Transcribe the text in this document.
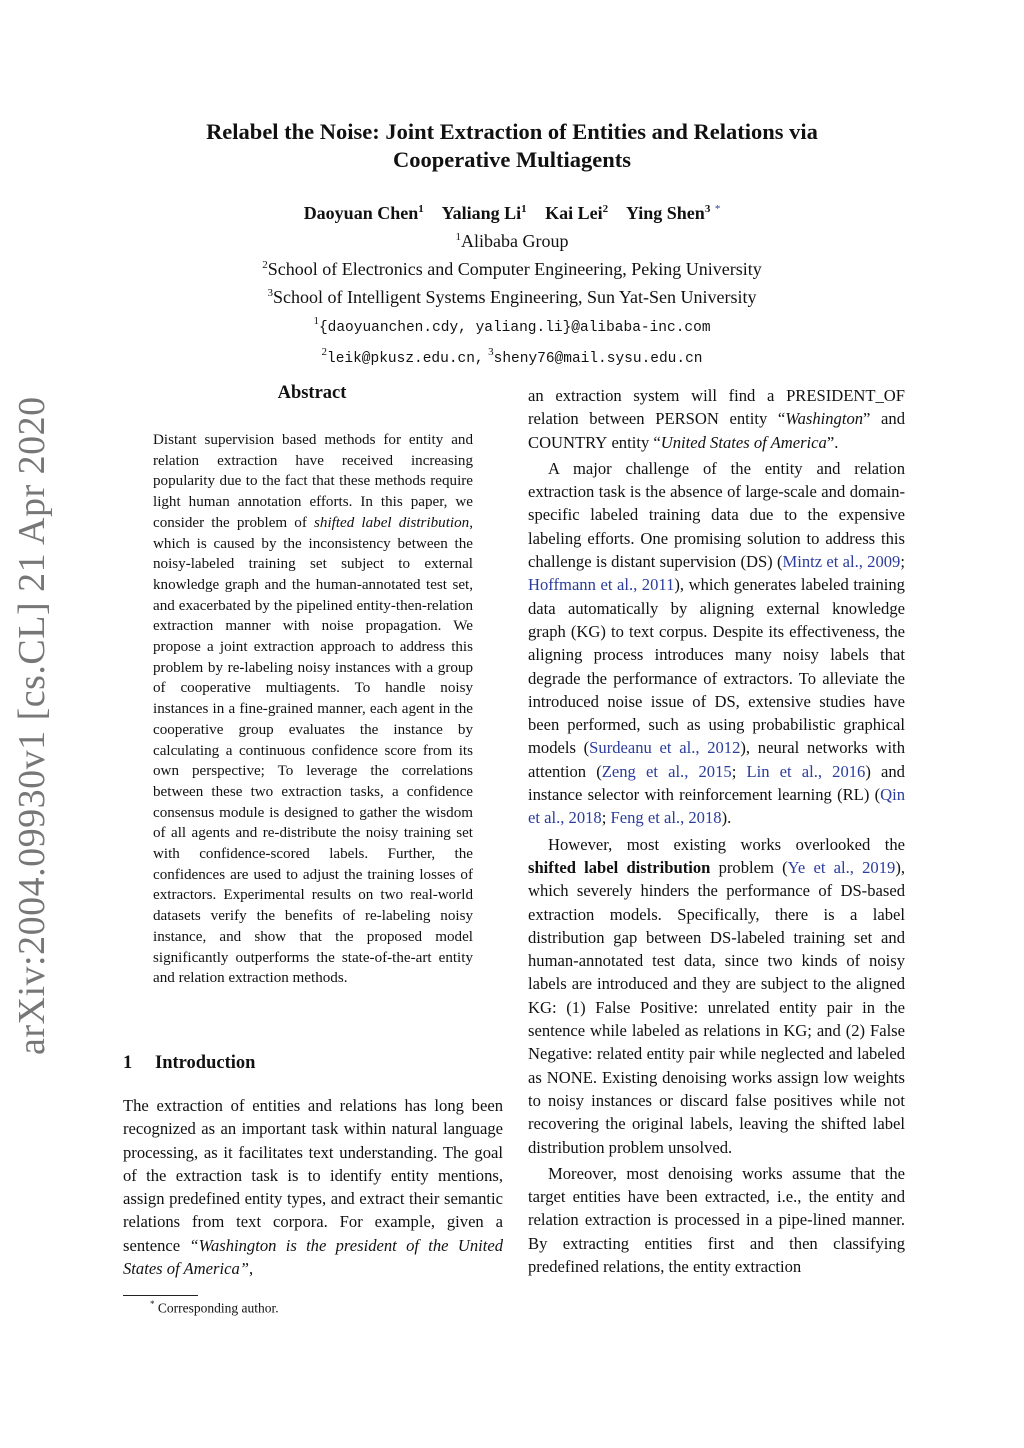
Relabel the Noise: Joint Extraction of Entities and Relations via
Cooperative Multiagents
Daoyuan Chen$^1$ Yaliang Li$^1$ Kai Lei$^2$ Ying Shen$^3$ *
$^1$Alibaba Group
$^2$School of Electronics and Computer Engineering, Peking University
$^3$School of Intelligent Systems Engineering, Sun Yat-Sen University
$^1${daoyuanchen.cdy, yaliang.li}@alibaba-inc.com
$^2$leik@pkusz.edu.cn, $^3$sheny76@mail.sysu.edu.cn
arXiv:2004.09930v1 [cs.CL] 21 Apr 2020
Abstract
Distant supervision based methods for entity and relation extraction have received increasing popularity due to the fact that these methods require light human annotation efforts. In this paper, we consider the problem of shifted label distribution, which is caused by the inconsistency between the noisy-labeled training set subject to external knowledge graph and the human-annotated test set, and exacerbated by the pipelined entity-then-relation extraction manner with noise propagation. We propose a joint extraction approach to address this problem by re-labeling noisy instances with a group of cooperative multiagents. To handle noisy instances in a fine-grained manner, each agent in the cooperative group evaluates the instance by calculating a continuous confidence score from its own perspective; To leverage the correlations between these two extraction tasks, a confidence consensus module is designed to gather the wisdom of all agents and re-distribute the noisy training set with confidence-scored labels. Further, the confidences are used to adjust the training losses of extractors. Experimental results on two real-world datasets verify the benefits of re-labeling noisy instance, and show that the proposed model significantly outperforms the state-of-the-art entity and relation extraction methods.
1 Introduction

The extraction of entities and relations has long been recognized as an important task within natural language processing, as it facilitates text understanding. The goal of the extraction task is to identify entity mentions, assign predefined entity types, and extract their semantic relations from text corpora. For example, given a sentence “Washington is the president of the United States of America”,

an extraction system will find a PRESIDENT_OF relation between PERSON entity “Washington” and COUNTRY entity “United States of America”.

A major challenge of the entity and relation extraction task is the absence of large-scale and domain-specific labeled training data due to the expensive labeling efforts. One promising solution to address this challenge is distant supervision (DS) (Mintz et al., 2009; Hoffmann et al., 2011), which generates labeled training data automatically by aligning external knowledge graph (KG) to text corpus. Despite its effectiveness, the aligning process introduces many noisy labels that degrade the performance of extractors. To alleviate the introduced noise issue of DS, extensive studies have been performed, such as using probabilistic graphical models (Surdeanu et al., 2012), neural networks with attention (Zeng et al., 2015; Lin et al., 2016) and instance selector with reinforcement learning (RL) (Qin et al., 2018; Feng et al., 2018).

However, most existing works overlooked the shifted label distribution problem (Ye et al., 2019), which severely hinders the performance of DS-based extraction models. Specifically, there is a label distribution gap between DS-labeled training set and human-annotated test data, since two kinds of noisy labels are introduced and they are subject to the aligned KG: (1) False Positive: unrelated entity pair in the sentence while labeled as relations in KG; and (2) False Negative: related entity pair while neglected and labeled as NONE. Existing denoising works assign low weights to noisy instances or discard false positives while not recovering the original labels, leaving the shifted label distribution problem unsolved.

Moreover, most denoising works assume that the target entities have been extracted, i.e., the entity and relation extraction is processed in a pipe-lined manner. By extracting entities first and then classifying predefined relations, the entity extraction

* Corresponding author.
